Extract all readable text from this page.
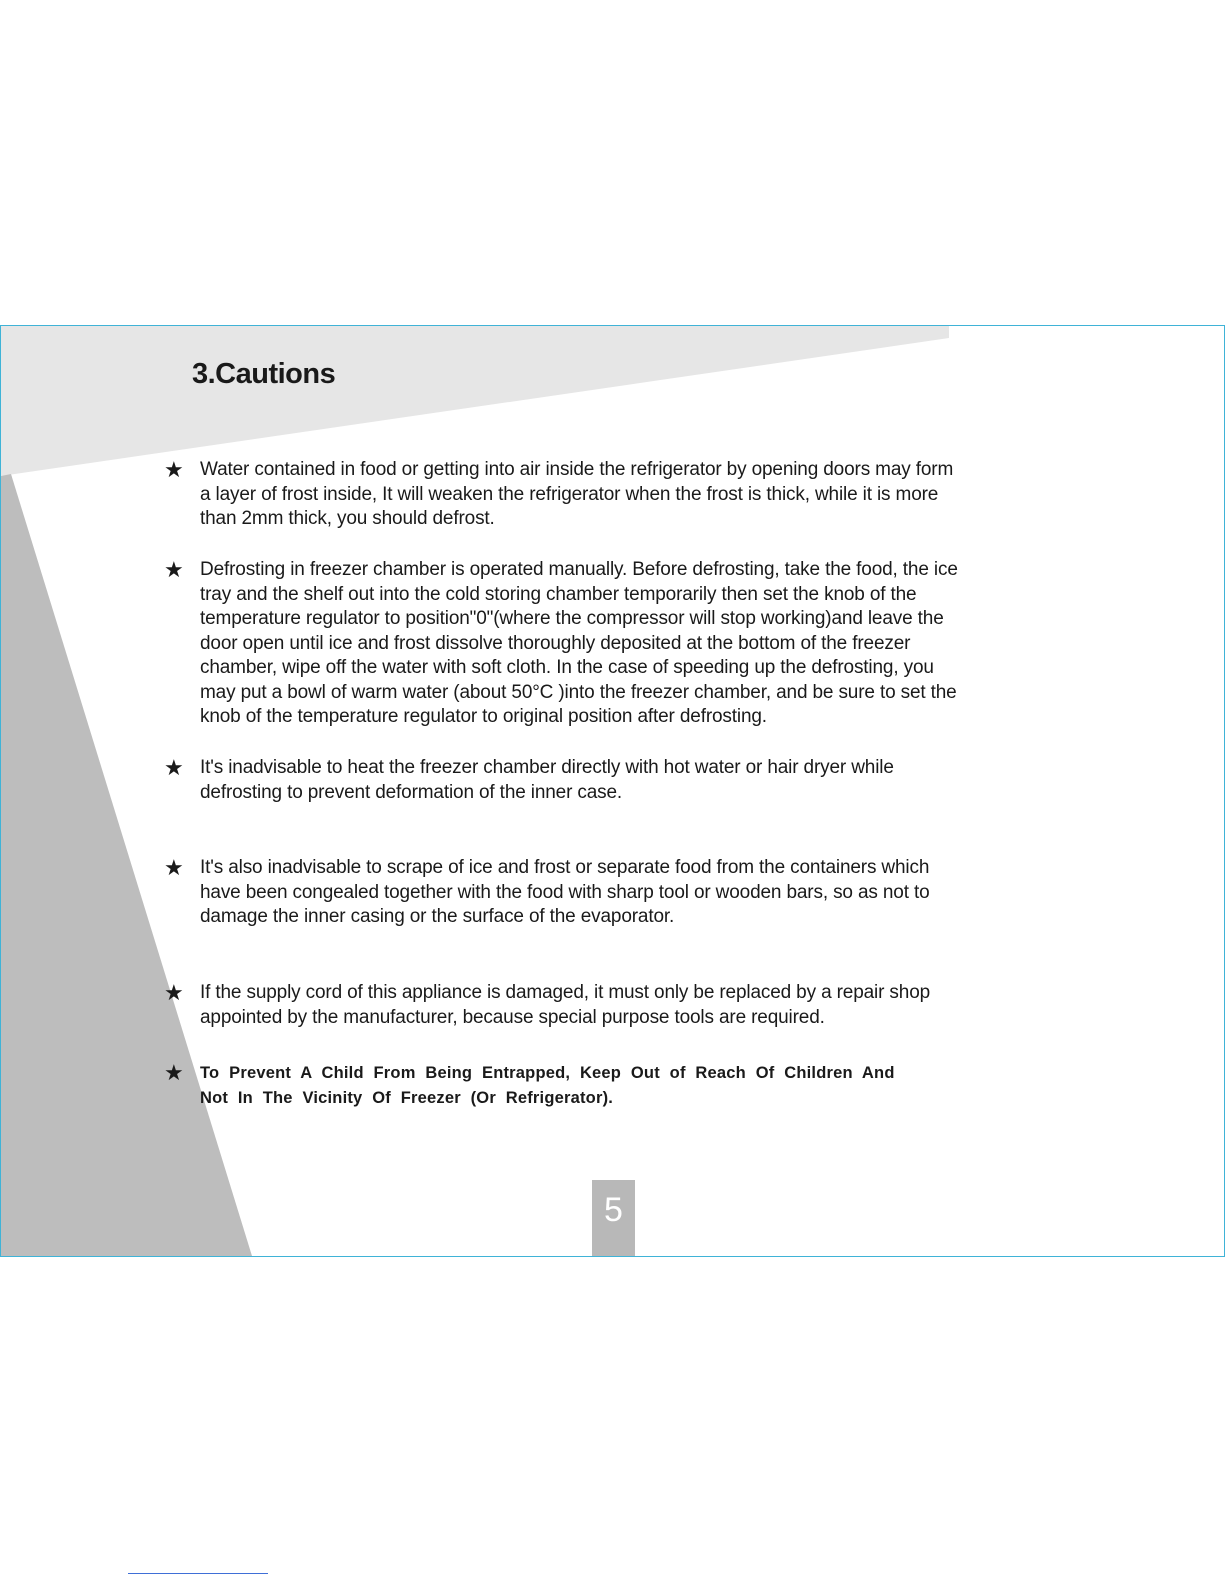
3.Cautions
★ Water contained in food or getting into air inside the refrigerator by opening doors may form
a layer of frost inside, It will weaken the refrigerator when the frost is thick, while it is more
than 2mm thick, you should defrost.
★ Defrosting in freezer chamber is operated manually. Before defrosting, take the food, the ice
tray and the shelf out into the cold storing chamber temporarily then set the knob of the
temperature regulator to position"0"(where the compressor will stop working)and leave the
door open until ice and frost dissolve thoroughly deposited at the bottom of the freezer
chamber, wipe off the water with soft cloth. In the case of speeding up the defrosting, you
may put a bowl of warm water (about 50°C )into the freezer chamber, and be sure to set the
knob of the temperature regulator to original position after defrosting.
★ It's inadvisable to heat the freezer chamber directly with hot water or hair dryer while
defrosting to prevent deformation of the inner case.
★ It's also inadvisable to scrape of ice and frost or separate food from the containers which
have been congealed together with the food with sharp tool or wooden bars, so as not to
damage the inner casing or the surface of the evaporator.
★ If the supply cord of this appliance is damaged, it must only be replaced by a repair shop
appointed by the manufacturer, because special purpose tools are required.
★ To Prevent A Child From Being Entrapped, Keep Out of Reach Of Children And
Not In The Vicinity Of Freezer (Or Refrigerator).
5
